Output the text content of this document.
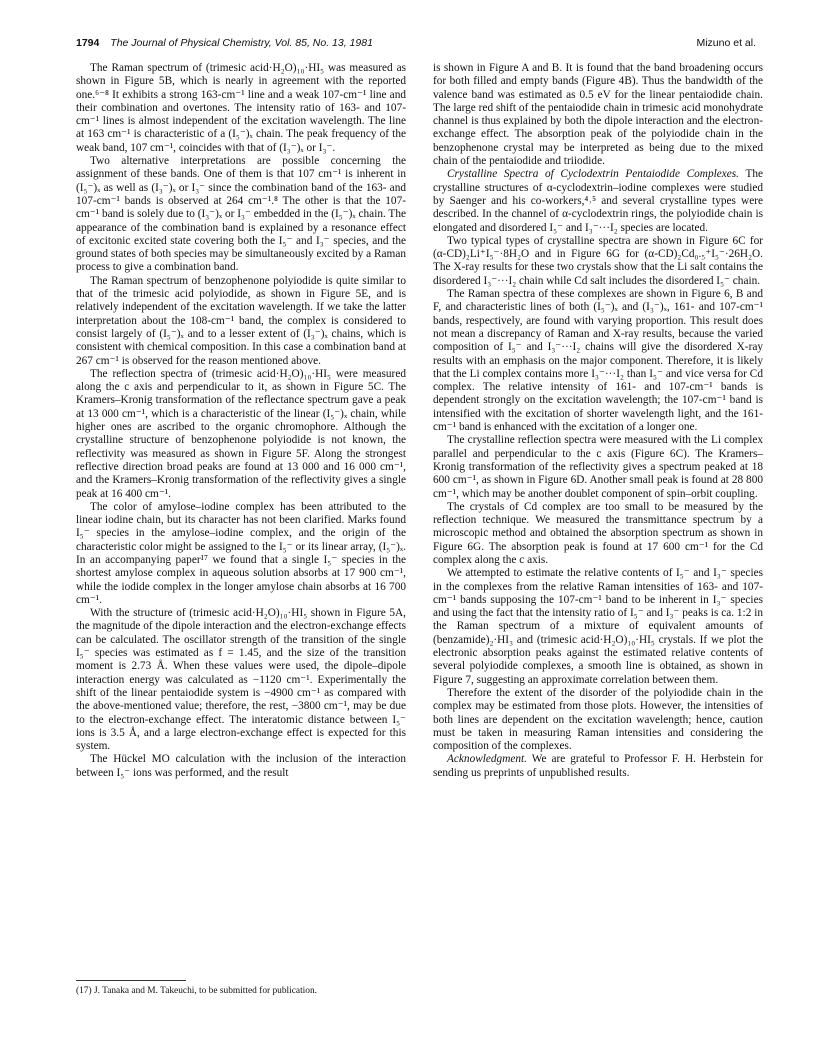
1794 The Journal of Physical Chemistry, Vol. 85, No. 13, 1981	Mizuno et al.

The Raman spectrum of (trimesic acid·H₂O)₁₀·HI₅ was measured as shown in Figure 5B, which is nearly in agreement with the reported one.⁶⁻⁸ It exhibits a strong 163-cm⁻¹ line and a weak 107-cm⁻¹ line and their combination and overtones. The intensity ratio of 163- and 107-cm⁻¹ lines is almost independent of the excitation wavelength. The line at 163 cm⁻¹ is characteristic of a (I₅⁻)ₓ chain. The peak frequency of the weak band, 107 cm⁻¹, coincides with that of (I₃⁻)ₓ or I₃⁻.

Two alternative interpretations are possible concerning the assignment of these bands. One of them is that 107 cm⁻¹ is inherent in (I₅⁻)ₓ as well as (I₃⁻)ₓ or I₃⁻ since the combination band of the 163- and 107-cm⁻¹ bands is observed at 264 cm⁻¹.⁸ The other is that the 107-cm⁻¹ band is solely due to (I₃⁻)ₓ or I₃⁻ embedded in the (I₅⁻)ₓ chain. The appearance of the combination band is explained by a resonance effect of excitonic excited state covering both the I₅⁻ and I₃⁻ species, and the ground states of both species may be simultaneously excited by a Raman process to give a combination band.

The Raman spectrum of benzophenone polyiodide is quite similar to that of the trimesic acid polyiodide, as shown in Figure 5E, and is relatively independent of the excitation wavelength. If we take the latter interpretation about the 108-cm⁻¹ band, the complex is considered to consist largely of (I₅⁻)ₓ and to a lesser extent of (I₃⁻)ₓ chains, which is consistent with chemical composition. In this case a combination band at 267 cm⁻¹ is observed for the reason mentioned above.

The reflection spectra of (trimesic acid·H₂O)₁₀·HI₅ were measured along the c axis and perpendicular to it, as shown in Figure 5C. The Kramers–Kronig transformation of the reflectance spectrum gave a peak at 13 000 cm⁻¹, which is a characteristic of the linear (I₅⁻)ₓ chain, while higher ones are ascribed to the organic chromophore. Although the crystalline structure of benzophenone polyiodide is not known, the reflectivity was measured as shown in Figure 5F. Along the strongest reflective direction broad peaks are found at 13 000 and 16 000 cm⁻¹, and the Kramers–Kronig transformation of the reflectivity gives a single peak at 16 400 cm⁻¹.

The color of amylose–iodine complex has been attributed to the linear iodine chain, but its character has not been clarified. Marks found I₅⁻ species in the amylose–iodine complex, and the origin of the characteristic color might be assigned to the I₅⁻ or its linear array, (I₅⁻)ₓ. In an accompanying paper¹⁷ we found that a single I₅⁻ species in the shortest amylose complex in aqueous solution absorbs at 17 900 cm⁻¹, while the iodide complex in the longer amylose chain absorbs at 16 700 cm⁻¹.

With the structure of (trimesic acid·H₂O)₁₀·HI₅ shown in Figure 5A, the magnitude of the dipole interaction and the electron-exchange effects can be calculated. The oscillator strength of the transition of the single I₅⁻ species was estimated as f = 1.45, and the size of the transition moment is 2.73 Å. When these values were used, the dipole–dipole interaction energy was calculated as −1120 cm⁻¹. Experimentally the shift of the linear pentaiodide system is −4900 cm⁻¹ as compared with the above-mentioned value; therefore, the rest, −3800 cm⁻¹, may be due to the electron-exchange effect. The interatomic distance between I₅⁻ ions is 3.5 Å, and a large electron-exchange effect is expected for this system.

The Hückel MO calculation with the inclusion of the interaction between I₅⁻ ions was performed, and the result

is shown in Figure A and B. It is found that the band broadening occurs for both filled and empty bands (Figure 4B). Thus the bandwidth of the valence band was estimated as 0.5 eV for the linear pentaiodide chain. The large red shift of the pentaiodide chain in trimesic acid monohydrate channel is thus explained by both the dipole interaction and the electron-exchange effect. The absorption peak of the polyiodide chain in the benzophenone crystal may be interpreted as being due to the mixed chain of the pentaiodide and triiodide.

Crystalline Spectra of Cyclodextrin Pentaiodide Complexes. The crystalline structures of α-cyclodextrin–iodine complexes were studied by Saenger and his co-workers,⁴˒⁵ and several crystalline types were described. In the channel of α-cyclodextrin rings, the polyiodide chain is elongated and disordered I₅⁻ and I₃⁻···I₂ species are located.

Two typical types of crystalline spectra are shown in Figure 6C for (α-CD)₂Li⁺I₅⁻·8H₂O and in Figure 6G for (α-CD)₂Cd₀.₅⁺I₅⁻·26H₂O. The X-ray results for these two crystals show that the Li salt contains the disordered I₃⁻···I₂ chain while Cd salt includes the disordered I₅⁻ chain.

The Raman spectra of these complexes are shown in Figure 6, B and F, and characteristic lines of both (I₅⁻)ₓ and (I₃⁻)ₓ, 161- and 107-cm⁻¹ bands, respectively, are found with varying proportion. This result does not mean a discrepancy of Raman and X-ray results, because the varied composition of I₅⁻ and I₃⁻···I₂ chains will give the disordered X-ray results with an emphasis on the major component. Therefore, it is likely that the Li complex contains more I₃⁻···I₂ than I₅⁻ and vice versa for Cd complex. The relative intensity of 161- and 107-cm⁻¹ bands is dependent strongly on the excitation wavelength; the 107-cm⁻¹ band is intensified with the excitation of shorter wavelength light, and the 161-cm⁻¹ band is enhanced with the excitation of a longer one.

The crystalline reflection spectra were measured with the Li complex parallel and perpendicular to the c axis (Figure 6C). The Kramers–Kronig transformation of the reflectivity gives a spectrum peaked at 18 600 cm⁻¹, as shown in Figure 6D. Another small peak is found at 28 800 cm⁻¹, which may be another doublet component of spin–orbit coupling.

The crystals of Cd complex are too small to be measured by the reflection technique. We measured the transmittance spectrum by a microscopic method and obtained the absorption spectrum as shown in Figure 6G. The absorption peak is found at 17 600 cm⁻¹ for the Cd complex along the c axis.

We attempted to estimate the relative contents of I₅⁻ and I₃⁻ species in the complexes from the relative Raman intensities of 163- and 107-cm⁻¹ bands supposing the 107-cm⁻¹ band to be inherent in I₃⁻ species and using the fact that the intensity ratio of I₅⁻ and I₃⁻ peaks is ca. 1:2 in the Raman spectrum of a mixture of equivalent amounts of (benzamide)₂·HI₃ and (trimesic acid·H₂O)₁₀·HI₅ crystals. If we plot the electronic absorption peaks against the estimated relative contents of several polyiodide complexes, a smooth line is obtained, as shown in Figure 7, suggesting an approximate correlation between them.

Therefore the extent of the disorder of the polyiodide chain in the complex may be estimated from those plots. However, the intensities of both lines are dependent on the excitation wavelength; hence, caution must be taken in measuring Raman intensities and considering the composition of the complexes.

Acknowledgment. We are grateful to Professor F. H. Herbstein for sending us preprints of unpublished results.

(17) J. Tanaka and M. Takeuchi, to be submitted for publication.
